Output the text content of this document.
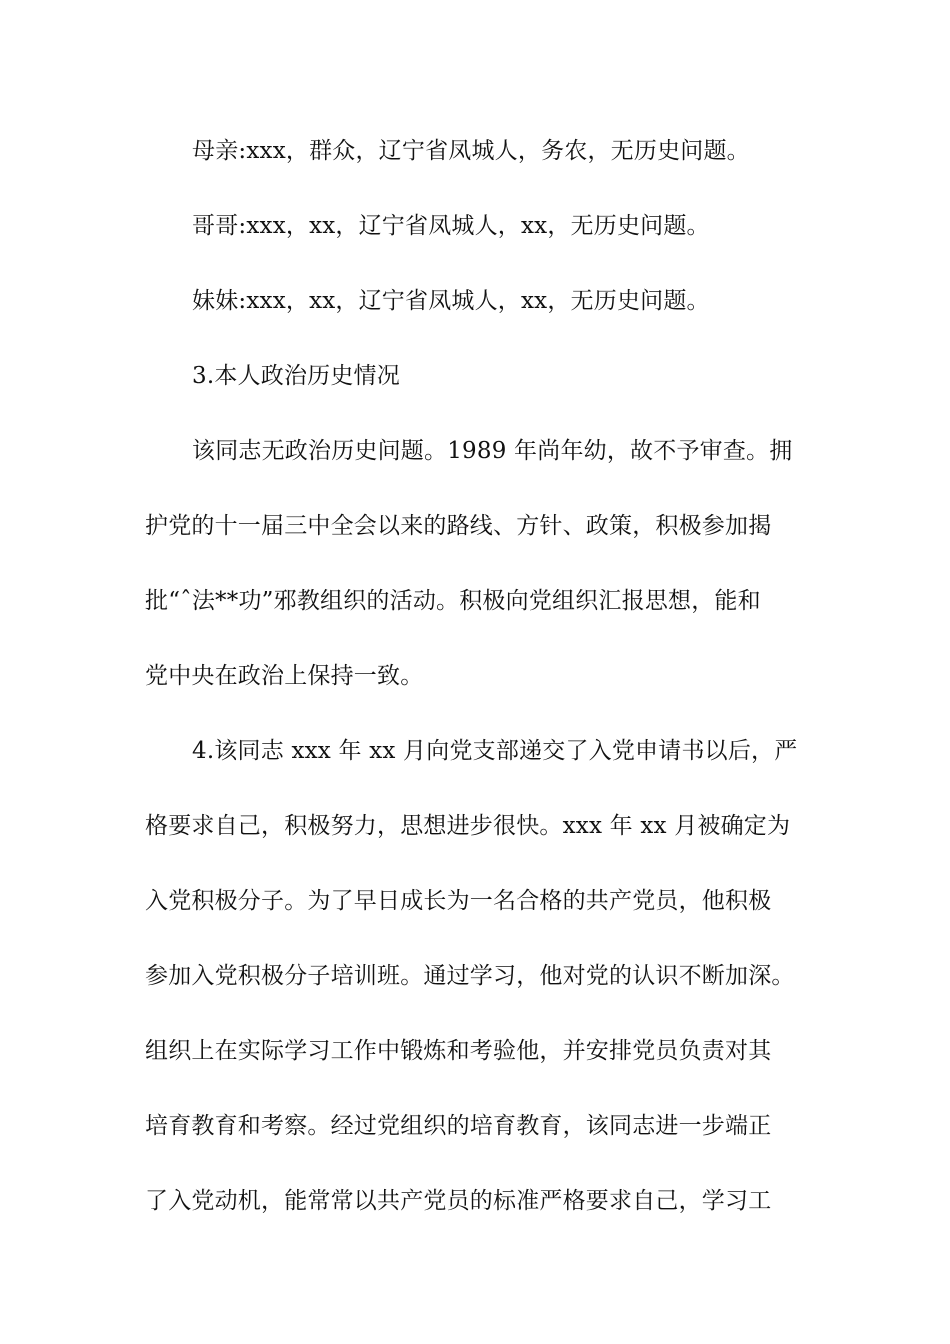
母亲:xxx，群众，辽宁省凤城人，务农，无历史问题。
哥哥:xxx，xx，辽宁省凤城人，xx，无历史问题。
妹妹:xxx，xx，辽宁省凤城人，xx，无历史问题。
3.本人政治历史情况
该同志无政治历史问题。1989 年尚年幼，故不予审查。拥
护党的十一届三中全会以来的路线、方针、政策，积极参加揭
批“ˆ法**功”邪教组织的活动。积极向党组织汇报思想，能和
党中央在政治上保持一致。
4.该同志 xxx 年 xx 月向党支部递交了入党申请书以后，严
格要求自己，积极努力，思想进步很快。xxx 年 xx 月被确定为
入党积极分子。为了早日成长为一名合格的共产党员，他积极
参加入党积极分子培训班。通过学习，他对党的认识不断加深。
组织上在实际学习工作中锻炼和考验他，并安排党员负责对其
培育教育和考察。经过党组织的培育教育，该同志进一步端正
了入党动机，能常常以共产党员的标准严格要求自己，学习工
